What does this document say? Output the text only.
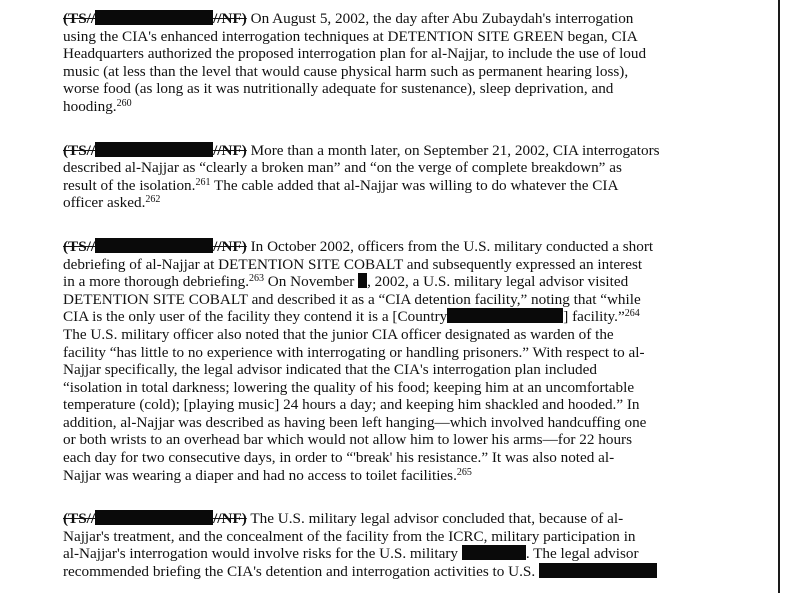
(TS//	//NF) On August 5, 2002, the day after Abu Zubaydah's interrogation
using the CIA's enhanced interrogation techniques at DETENTION SITE GREEN began, CIA
Headquarters authorized the proposed interrogation plan for al-Najjar, to include the use of loud
music (at less than the level that would cause physical harm such as permanent hearing loss),
worse food (as long as it was nutritionally adequate for sustenance), sleep deprivation, and
hooding.$^{260}$

(TS//	//NF) More than a month later, on September 21, 2002, CIA interrogators
described al-Najjar as “clearly a broken man” and “on the verge of complete breakdown” as
result of the isolation.$^{261}$ The cable added that al-Najjar was willing to do whatever the CIA
officer asked.$^{262}$

(TS//	//NF) In October 2002, officers from the U.S. military conducted a short
debriefing of al-Najjar at DETENTION SITE COBALT and subsequently expressed an interest
in a more thorough debriefing.$^{263}$ On November , 2002, a U.S. military legal advisor visited
DETENTION SITE COBALT and described it as a “CIA detention facility,” noting that “while
CIA is the only user of the facility they contend it is a [Country	] facility.”$^{264}$
The U.S. military officer also noted that the junior CIA officer designated as warden of the
facility “has little to no experience with interrogating or handling prisoners.” With respect to al-
Najjar specifically, the legal advisor indicated that the CIA's interrogation plan included
“isolation in total darkness; lowering the quality of his food; keeping him at an uncomfortable
temperature (cold); [playing music] 24 hours a day; and keeping him shackled and hooded.” In
addition, al-Najjar was described as having been left hanging—which involved handcuffing one
or both wrists to an overhead bar which would not allow him to lower his arms—for 22 hours
each day for two consecutive days, in order to “'break' his resistance.” It was also noted al-
Najjar was wearing a diaper and had no access to toilet facilities.$^{265}$

(TS//	//NF) The U.S. military legal advisor concluded that, because of al-
Najjar's treatment, and the concealment of the facility from the ICRC, military participation in
al-Najjar's interrogation would involve risks for the U.S. military	. The legal advisor
recommended briefing the CIA's detention and interrogation activities to U.S.
